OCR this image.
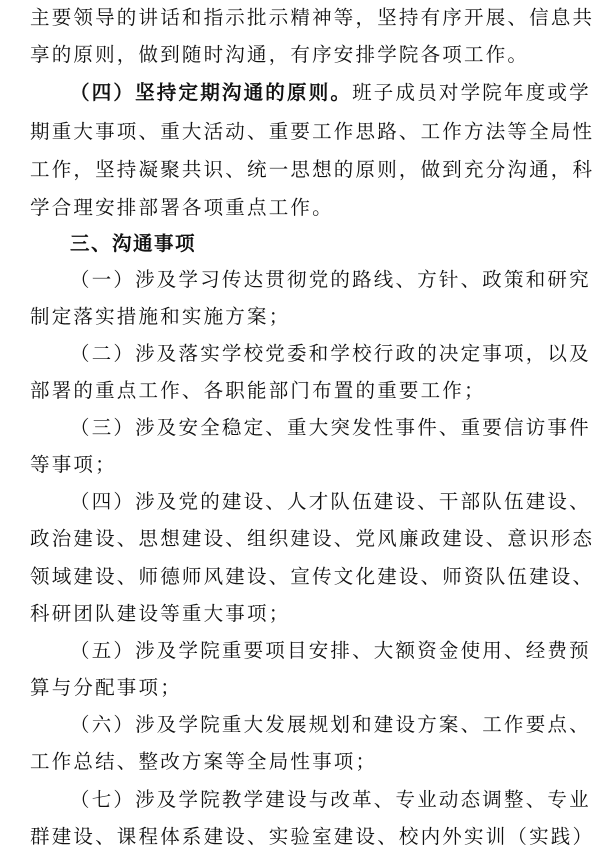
主要领导的讲话和指示批示精神等，坚持有序开展、信息共
享的原则，做到随时沟通，有序安排学院各项工作。
（四）坚持定期沟通的原则。班子成员对学院年度或学
期重大事项、重大活动、重要工作思路、工作方法等全局性
工作，坚持凝聚共识、统一思想的原则，做到充分沟通，科
学合理安排部署各项重点工作。
三、沟通事项
（一）涉及学习传达贯彻党的路线、方针、政策和研究
制定落实措施和实施方案；
（二）涉及落实学校党委和学校行政的决定事项，以及
部署的重点工作、各职能部门布置的重要工作；
（三）涉及安全稳定、重大突发性事件、重要信访事件
等事项；
（四）涉及党的建设、人才队伍建设、干部队伍建设、
政治建设、思想建设、组织建设、党风廉政建设、意识形态
领域建设、师德师风建设、宣传文化建设、师资队伍建设、
科研团队建设等重大事项；
（五）涉及学院重要项目安排、大额资金使用、经费预
算与分配事项；
（六）涉及学院重大发展规划和建设方案、工作要点、
工作总结、整改方案等全局性事项；
（七）涉及学院教学建设与改革、专业动态调整、专业
群建设、课程体系建设、实验室建设、校内外实训（实践）
